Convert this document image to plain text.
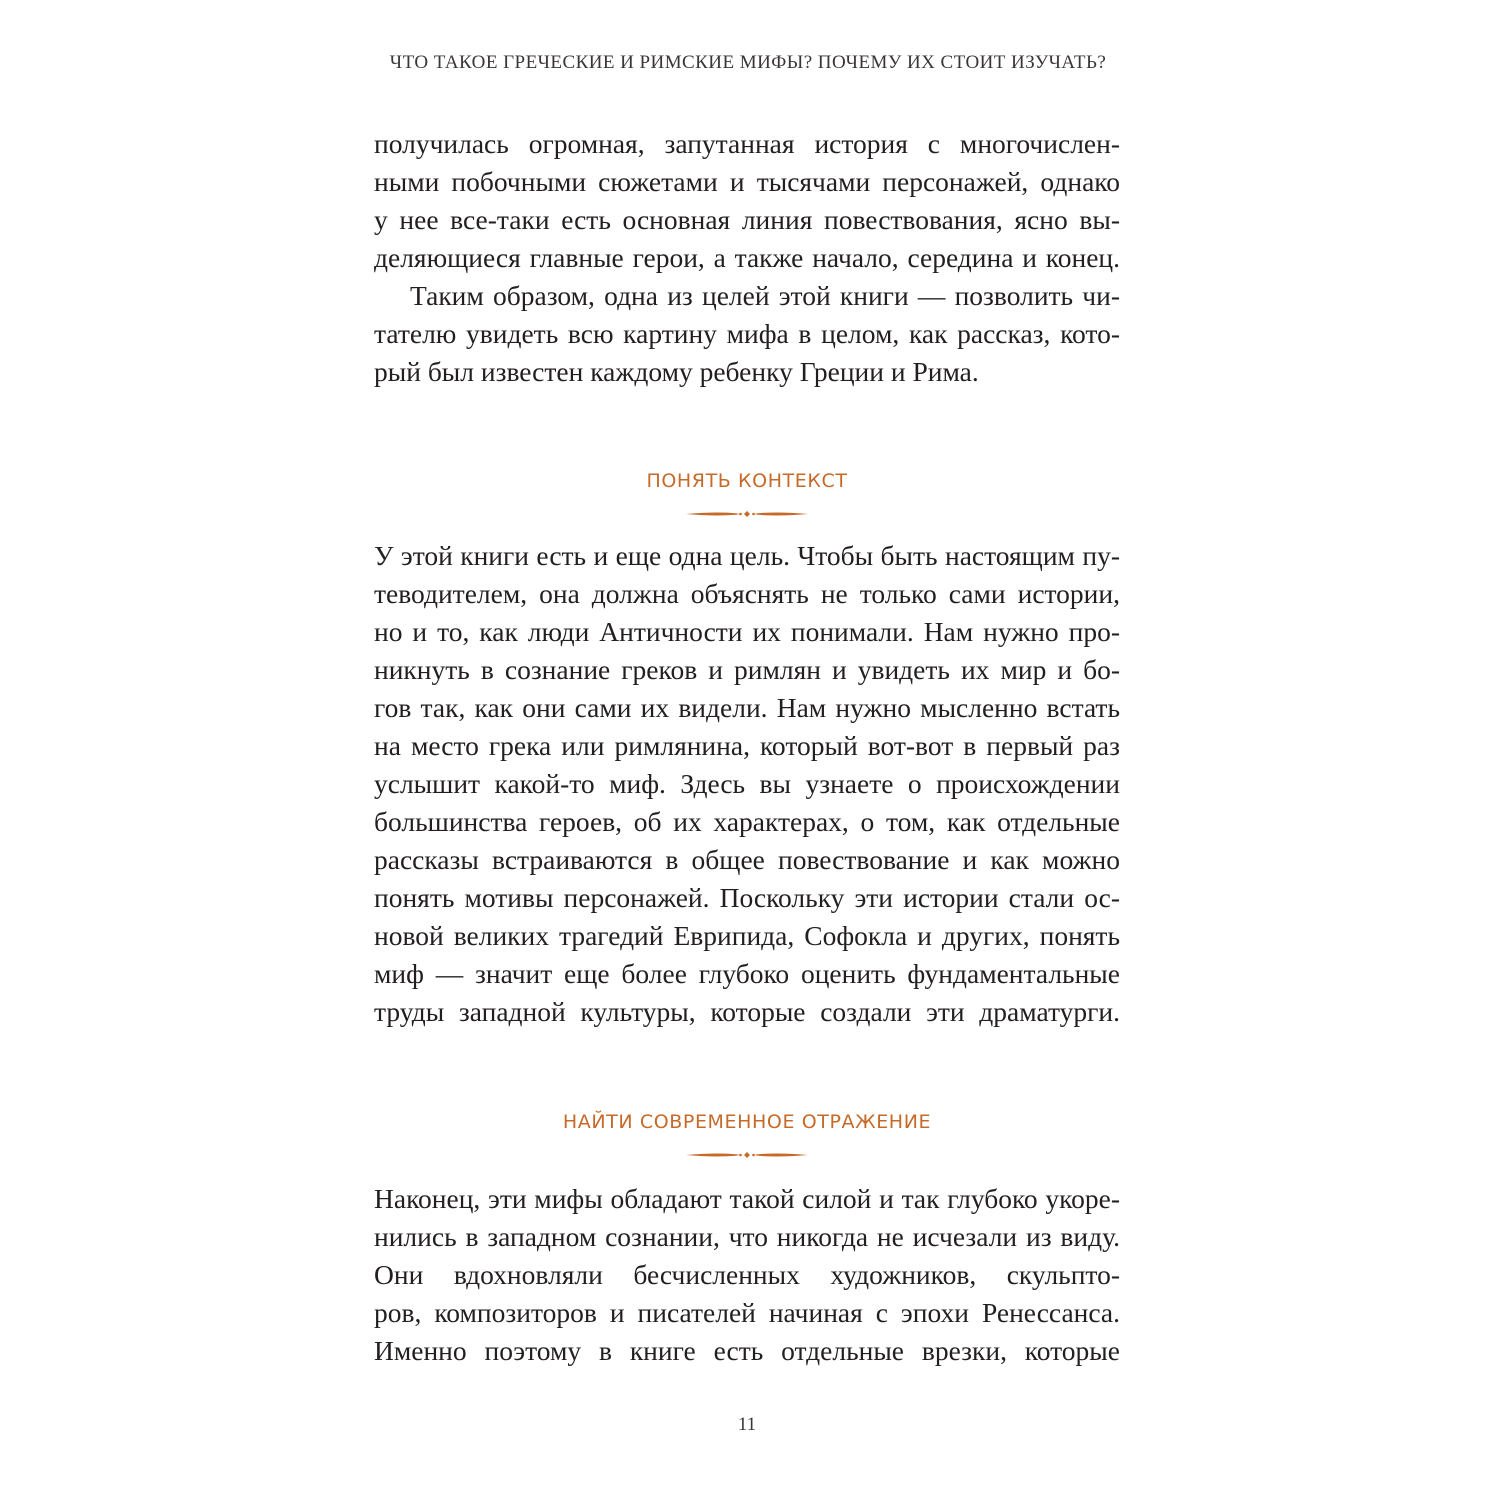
ЧТО ТАКОЕ ГРЕЧЕСКИЕ И РИМСКИЕ МИФЫ? ПОЧЕМУ ИХ СТОИТ ИЗУЧАТЬ?
получилась огромная, запутанная история с многочислен-
ными побочными сюжетами и тысячами персонажей, однако
у нее все-таки есть основная линия повествования, ясно вы-
деляющиеся главные герои, а также начало, середина и конец.
Таким образом, одна из целей этой книги — позволить чи-
тателю увидеть всю картину мифа в целом, как рассказ, кото-
рый был известен каждому ребенку Греции и Рима.
ПОНЯТЬ КОНТЕКСТ
У этой книги есть и еще одна цель. Чтобы быть настоящим пу-
теводителем, она должна объяснять не только сами истории,
но и то, как люди Античности их понимали. Нам нужно про-
никнуть в сознание греков и римлян и увидеть их мир и бо-
гов так, как они сами их видели. Нам нужно мысленно встать
на место грека или римлянина, который вот-вот в первый раз
услышит какой-то миф. Здесь вы узнаете о происхождении
большинства героев, об их характерах, о том, как отдельные
рассказы встраиваются в общее повествование и как можно
понять мотивы персонажей. Поскольку эти истории стали ос-
новой великих трагедий Еврипида, Софокла и других, понять
миф — значит еще более глубоко оценить фундаментальные
труды западной культуры, которые создали эти драматурги.
НАЙТИ СОВРЕМЕННОЕ ОТРАЖЕНИЕ
Наконец, эти мифы обладают такой силой и так глубоко укоре-
нились в западном сознании, что никогда не исчезали из виду.
Они вдохновляли бесчисленных художников, скульпто-
ров, композиторов и писателей начиная с эпохи Ренессанса.
Именно поэтому в книге есть отдельные врезки, которые
11
